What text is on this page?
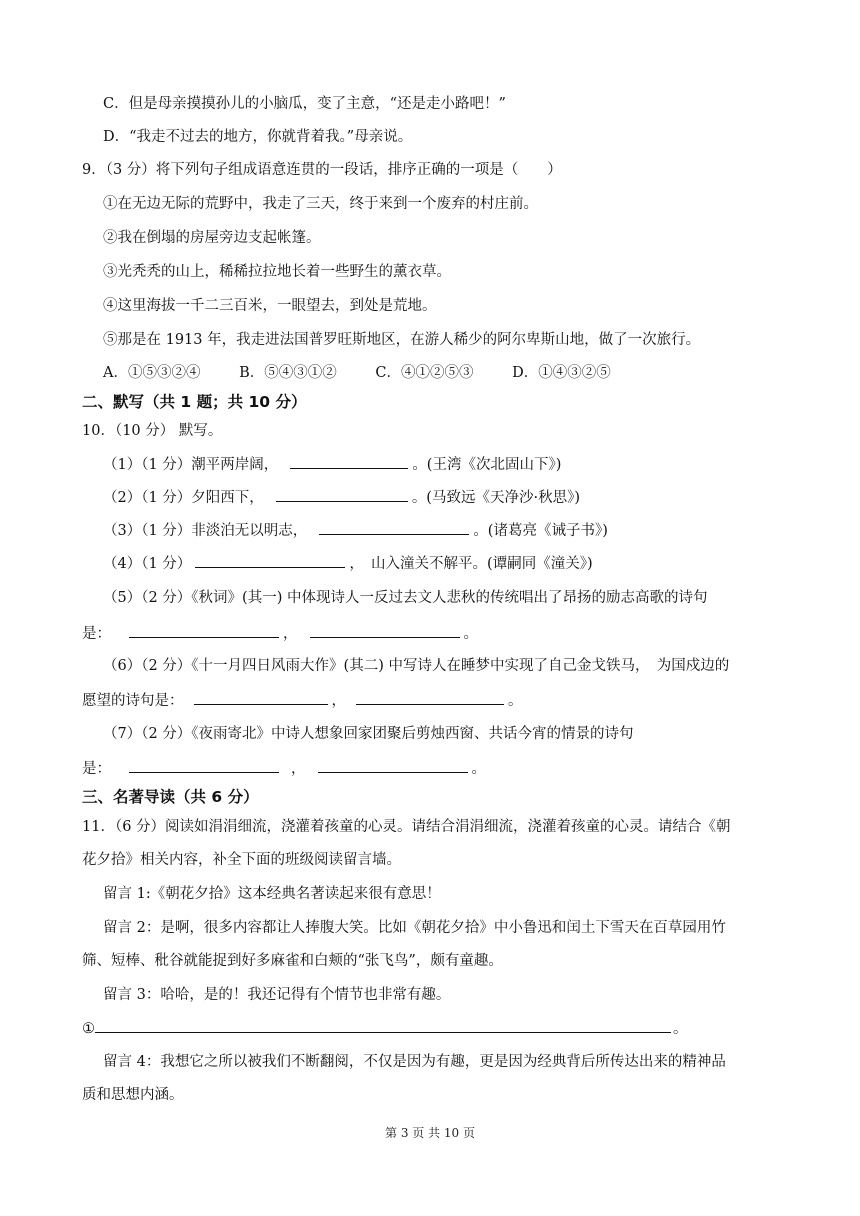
C．但是母亲摸摸孙儿的小脑瓜，变了主意，“还是走小路吧！”
D．“我走不过去的地方，你就背着我。”母亲说。
9．（3 分）将下列句子组成语意连贯的一段话，排序正确的一项是（　　）
①在无边无际的荒野中，我走了三天，终于来到一个废弃的村庄前。
②我在倒塌的房屋旁边支起帐篷。
③光秃秃的山上，稀稀拉拉地长着一些野生的薰衣草。
④这里海拔一千二三百米，一眼望去，到处是荒地。
⑤那是在 1913 年，我走进法国普罗旺斯地区，在游人稀少的阿尔卑斯山地，做了一次旅行。
A．①⑤③②④	B．⑤④③①②	C．④①②⑤③	D．①④③②⑤
二、默写（共 1 题；共 10 分）
10．（10 分） 默写。
（1）（1 分）潮平两岸阔，	。(王湾《次北固山下》)
（2）（1 分）夕阳西下，	。(马致远《天净沙·秋思》)
（3）（1 分）非淡泊无以明志，	。(诸葛亮《诫子书》)
（4）（1 分）	，　山入潼关不解平。(谭嗣同《潼关》)
（5）（2 分）《秋词》(其一) 中体现诗人一反过去文人悲秋的传统唱出了昂扬的励志高歌的诗句
是：	，	。
（6）（2 分）《十一月四日风雨大作》(其二) 中写诗人在睡梦中实现了自己金戈铁马，　为国戍边的
愿望的诗句是：	，	。
（7）（2 分）《夜雨寄北》中诗人想象回家团聚后剪烛西窗、共话今宵的情景的诗句
是：	，	。
三、名著导读（共 6 分）
11．（6 分）阅读如涓涓细流，浇灌着孩童的心灵。请结合涓涓细流，浇灌着孩童的心灵。请结合《朝
花夕拾》相关内容，补全下面的班级阅读留言墙。
留言 1:《朝花夕拾》这本经典名著读起来很有意思！
留言 2：是啊，很多内容都让人捧腹大笑。比如《朝花夕拾》中小鲁迅和闰土下雪天在百草园用竹
筛、短棒、秕谷就能捉到好多麻雀和白颊的“张飞鸟”，颇有童趣。
留言 3：哈哈，是的！我还记得有个情节也非常有趣。
①	。
留言 4：我想它之所以被我们不断翻阅，不仅是因为有趣，更是因为经典背后所传达出来的精神品
质和思想内涵。
第 3 页 共 10 页
